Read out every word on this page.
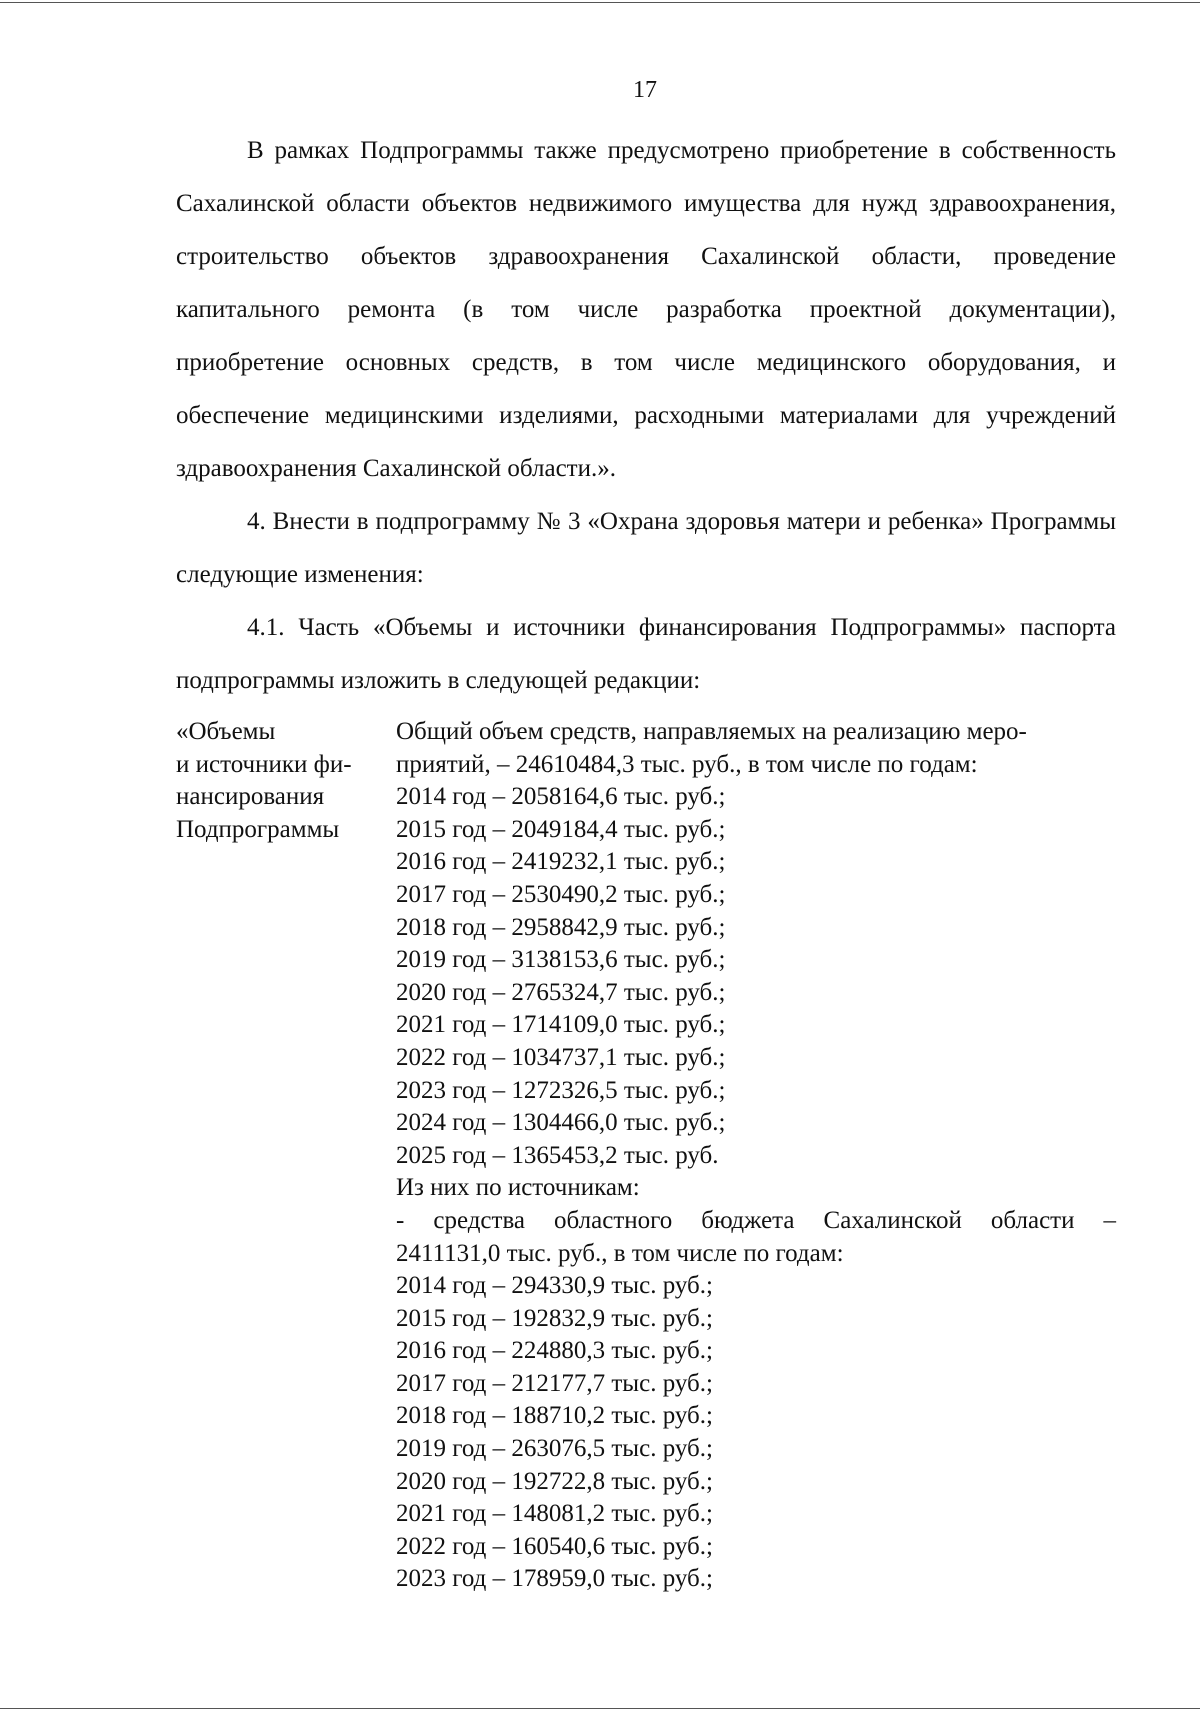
17

В рамках Подпрограммы также предусмотрено приобретение в собственность Сахалинской области объектов недвижимого имущества для нужд здравоохранения, строительство объектов здравоохранения Сахалинской области, проведение капитального ремонта (в том числе разработка проектной документации), приобретение основных средств, в том числе медицинского оборудования, и обеспечение медицинскими изделиями, расходными материалами для учреждений здравоохранения Сахалинской области.».

4. Внести в подпрограмму № 3 «Охрана здоровья матери и ребенка» Программы следующие изменения:

4.1. Часть «Объемы и источники финансирования Подпрограммы» паспорта подпрограммы изложить в следующей редакции:

«Объемы
и источники фи-
нансирования
Подпрограммы
Общий объем средств, направляемых на реализацию меро-
приятий, – 24610484,3 тыс. руб., в том числе по годам:
2014 год – 2058164,6 тыс. руб.;
2015 год – 2049184,4 тыс. руб.;
2016 год – 2419232,1 тыс. руб.;
2017 год – 2530490,2 тыс. руб.;
2018 год – 2958842,9 тыс. руб.;
2019 год – 3138153,6 тыс. руб.;
2020 год – 2765324,7 тыс. руб.;
2021 год – 1714109,0 тыс. руб.;
2022 год – 1034737,1 тыс. руб.;
2023 год – 1272326,5 тыс. руб.;
2024 год – 1304466,0 тыс. руб.;
2025 год – 1365453,2 тыс. руб.
Из них по источникам:
- средства областного бюджета Сахалинской области –
2411131,0 тыс. руб., в том числе по годам:
2014 год – 294330,9 тыс. руб.;
2015 год – 192832,9 тыс. руб.;
2016 год – 224880,3 тыс. руб.;
2017 год – 212177,7 тыс. руб.;
2018 год – 188710,2 тыс. руб.;
2019 год – 263076,5 тыс. руб.;
2020 год – 192722,8 тыс. руб.;
2021 год – 148081,2 тыс. руб.;
2022 год – 160540,6 тыс. руб.;
2023 год – 178959,0 тыс. руб.;
